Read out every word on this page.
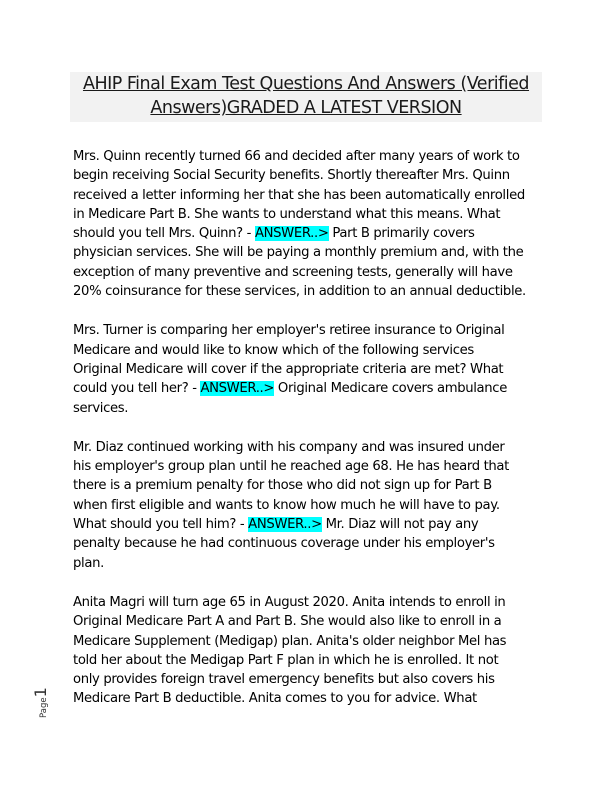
AHIP Final Exam Test Questions And Answers (Verified
Answers)GRADED A LATEST VERSION
Mrs. Quinn recently turned 66 and decided after many years of work to
begin receiving Social Security benefits. Shortly thereafter Mrs. Quinn
received a letter informing her that she has been automatically enrolled
in Medicare Part B. She wants to understand what this means. What
should you tell Mrs. Quinn? - ANSWER..> Part B primarily covers
physician services. She will be paying a monthly premium and, with the
exception of many preventive and screening tests, generally will have
20% coinsurance for these services, in addition to an annual deductible.
Mrs. Turner is comparing her employer's retiree insurance to Original
Medicare and would like to know which of the following services
Original Medicare will cover if the appropriate criteria are met? What
could you tell her? - ANSWER..> Original Medicare covers ambulance
services.
Mr. Diaz continued working with his company and was insured under
his employer's group plan until he reached age 68. He has heard that
there is a premium penalty for those who did not sign up for Part B
when first eligible and wants to know how much he will have to pay.
What should you tell him? - ANSWER..> Mr. Diaz will not pay any
penalty because he had continuous coverage under his employer's
plan.
Anita Magri will turn age 65 in August 2020. Anita intends to enroll in
Original Medicare Part A and Part B. She would also like to enroll in a
Medicare Supplement (Medigap) plan. Anita's older neighbor Mel has
told her about the Medigap Part F plan in which he is enrolled. It not
only provides foreign travel emergency benefits but also covers his
Medicare Part B deductible. Anita comes to you for advice. What
Page1
